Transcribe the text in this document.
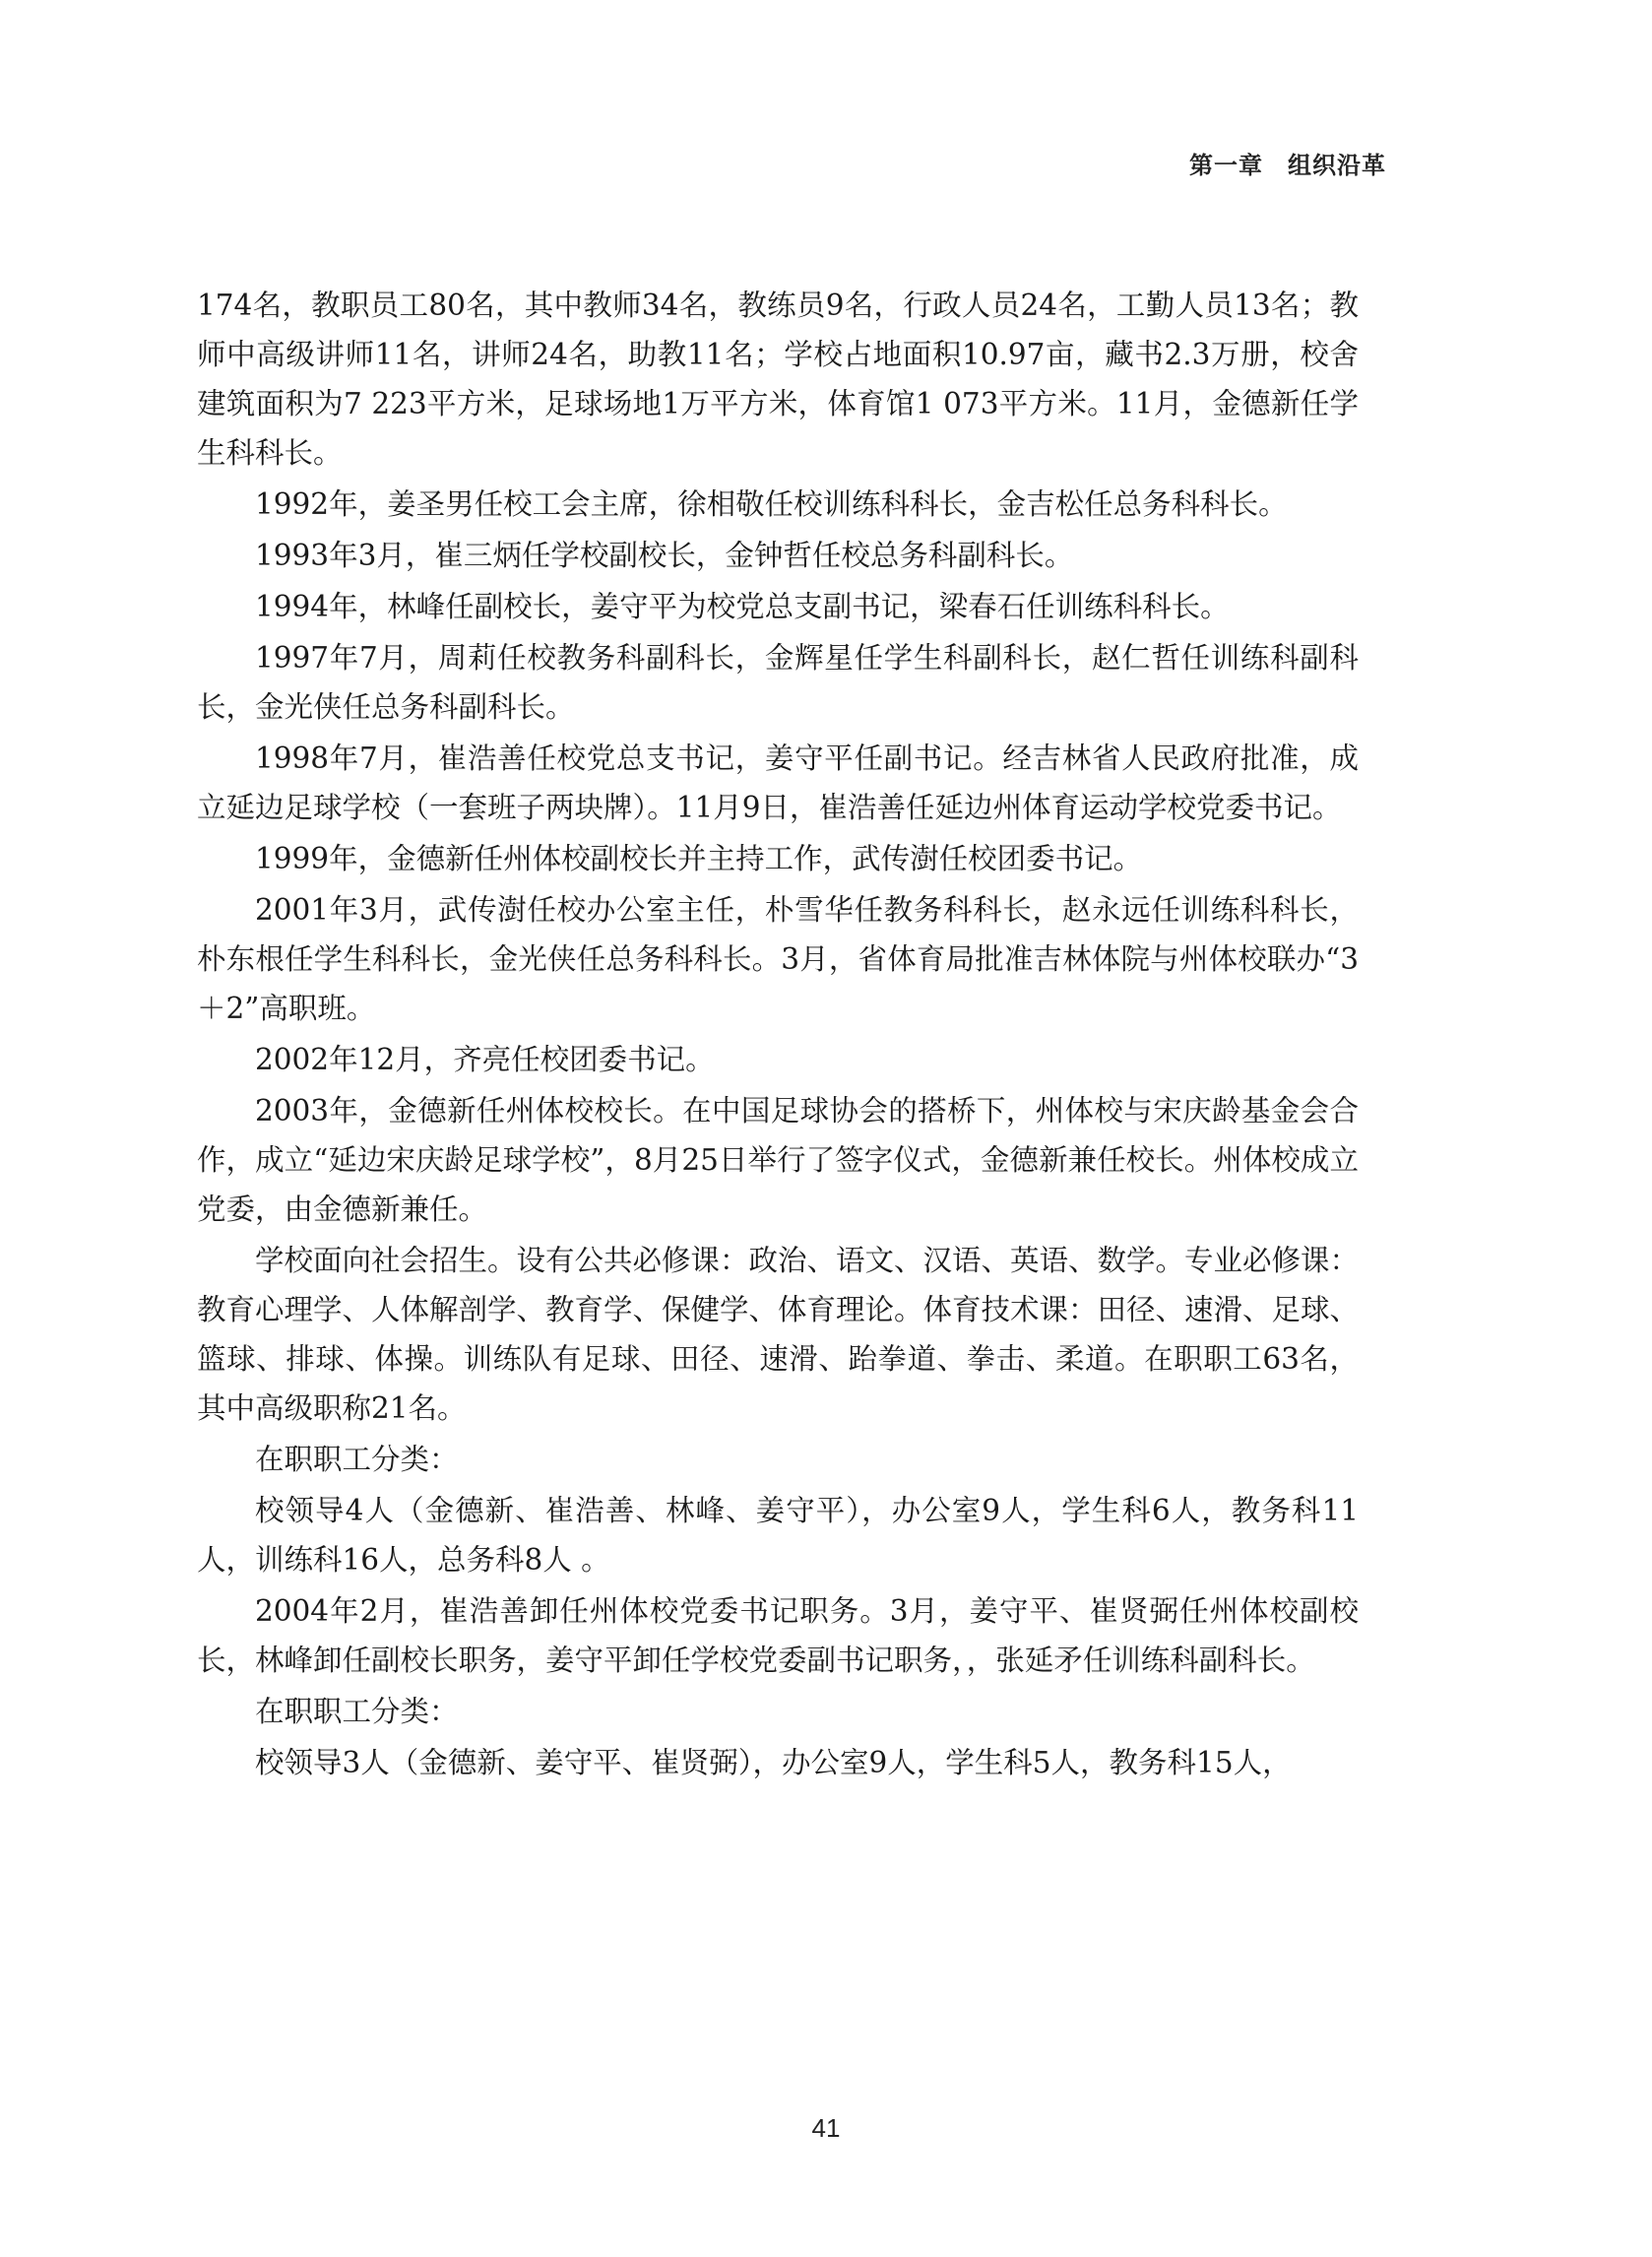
第一章　组织沿革

174名，教职员工80名，其中教师34名，教练员9名，行政人员24名，工勤人员13名；教师中高级讲师11名，讲师24名，助教11名；学校占地面积10.97亩，藏书2.3万册，校舍建筑面积为7 223平方米，足球场地1万平方米，体育馆1 073平方米。11月，金德新任学生科科长。

1992年，姜圣男任校工会主席，徐相敬任校训练科科长，金吉松任总务科科长。

1993年3月，崔三炳任学校副校长，金钟哲任校总务科副科长。

1994年，林峰任副校长，姜守平为校党总支副书记，梁春石任训练科科长。

1997年7月，周莉任校教务科副科长，金辉星任学生科副科长，赵仁哲任训练科副科长，金光侠任总务科副科长。

1998年7月，崔浩善任校党总支书记，姜守平任副书记。经吉林省人民政府批准，成立延边足球学校（一套班子两块牌）。11月9日，崔浩善任延边州体育运动学校党委书记。

1999年，金德新任州体校副校长并主持工作，武传澍任校团委书记。

2001年3月，武传澍任校办公室主任，朴雪华任教务科科长，赵永远任训练科科长，朴东根任学生科科长，金光侠任总务科科长。3月，省体育局批准吉林体院与州体校联办“3＋2”高职班。

2002年12月，齐亮任校团委书记。

2003年，金德新任州体校校长。在中国足球协会的搭桥下，州体校与宋庆龄基金会合作，成立“延边宋庆龄足球学校”，8月25日举行了签字仪式，金德新兼任校长。州体校成立党委，由金德新兼任。

学校面向社会招生。设有公共必修课：政治、语文、汉语、英语、数学。专业必修课：教育心理学、人体解剖学、教育学、保健学、体育理论。体育技术课：田径、速滑、足球、篮球、排球、体操。训练队有足球、田径、速滑、跆拳道、拳击、柔道。在职职工63名，其中高级职称21名。

在职职工分类：

校领导4人（金德新、崔浩善、林峰、姜守平），办公室9人，学生科6人，教务科11人，训练科16人，总务科8人 。

2004年2月，崔浩善卸任州体校党委书记职务。3月，姜守平、崔贤弼任州体校副校长，林峰卸任副校长职务，姜守平卸任学校党委副书记职务，，张延矛任训练科副科长。

在职职工分类：

校领导3人（金德新、姜守平、崔贤弼），办公室9人，学生科5人，教务科15人，

41
